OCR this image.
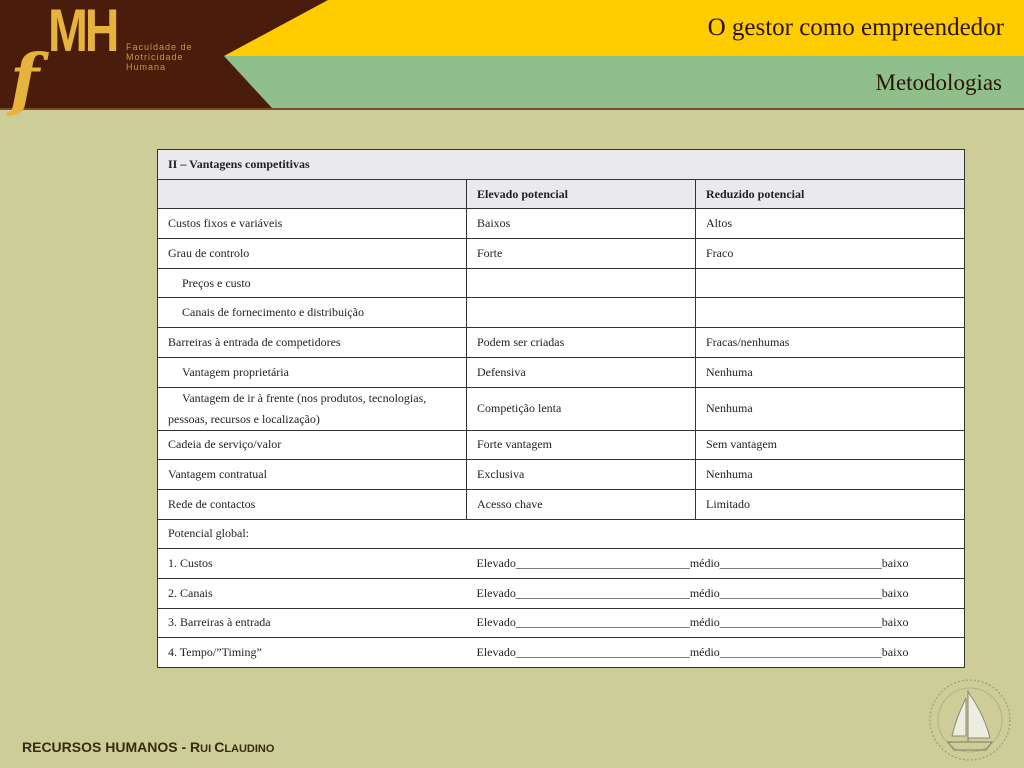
f
MH Faculdade de
Motricidade
Humana
O gestor como empreendedor
Metodologias
II – Vantagens competitivas		
	Elevado potencial	Reduzido potencial
Custos fixos e variáveis	Baixos	Altos
Grau de controlo	Forte	Fraco
Preços e custo		
Canais de fornecimento e distribuição		
Barreiras à entrada de competidores	Podem ser criadas	Fracas/nenhumas
Vantagem proprietária	Defensiva	Nenhuma
Vantagem de ir à frente (nos produtos, tecnologias, pessoas, recursos e localização)	Competição lenta	Nenhuma
Cadeia de serviço/valor	Forte vantagem	Sem vantagem
Vantagem contratual	Exclusiva	Nenhuma
Rede de contactos	Acesso chave	Limitado
Potencial global:		
1. Custos	Elevado_____________________________médio___________________________baixo	
2. Canais	Elevado_____________________________médio___________________________baixo	
3. Barreiras à entrada	Elevado_____________________________médio___________________________baixo	
4. Tempo/”Timing”	Elevado_____________________________médio___________________________baixo	
RECURSOS HUMANOS - RUI CLAUDINO
